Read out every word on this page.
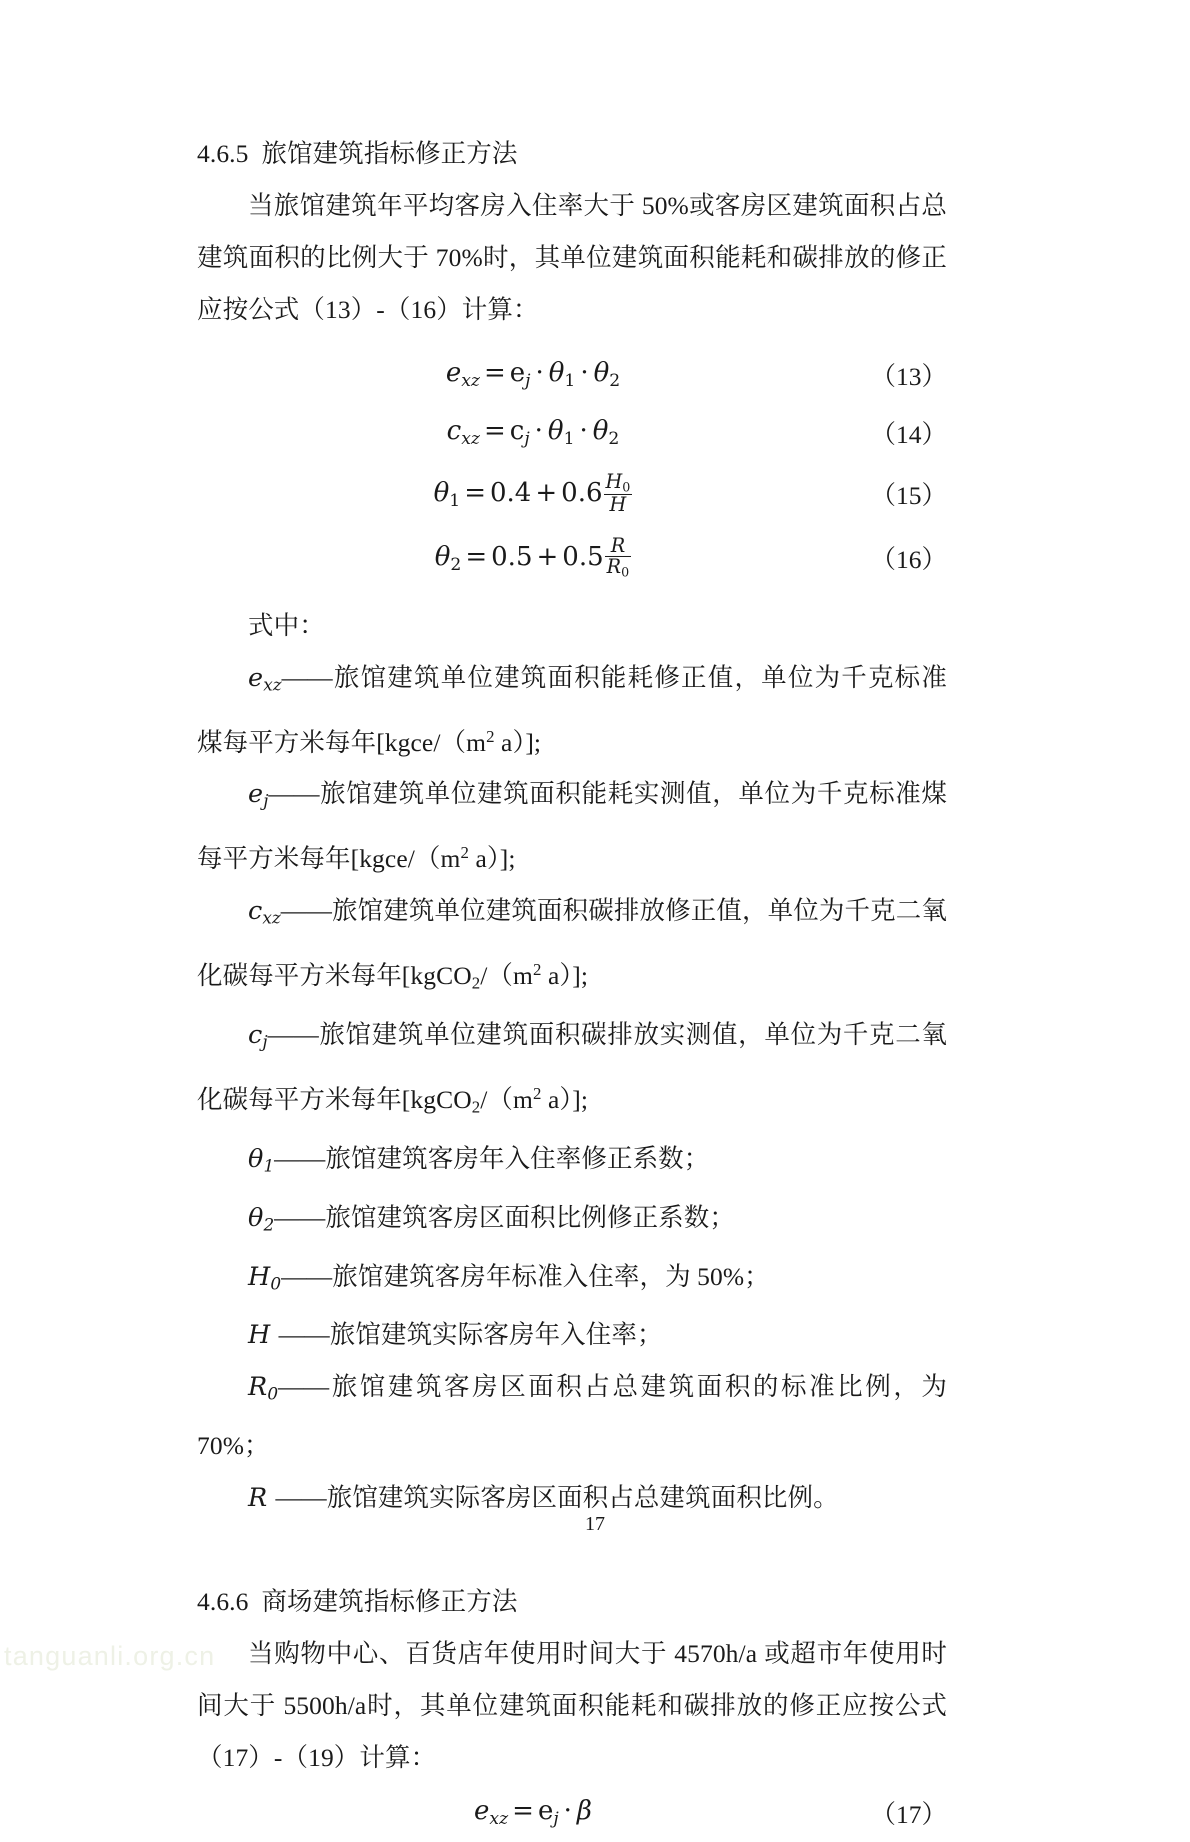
4.6.5 旅馆建筑指标修正方法

当旅馆建筑年平均客房入住率大于 50%或客房区建筑面积占总建筑面积的比例大于 70%时，其单位建筑面积能耗和碳排放的修正应按公式（13）-（16）计算：

$e_{xz} = e_j \cdot \theta_1 \cdot \theta_2$	（13）
$c_{xz} = c_j \cdot \theta_1 \cdot \theta_2$	（14）
$\theta_1 = 0.4 + 0.6 \frac{H_0}{H}$	（15）
$\theta_2 = 0.5 + 0.5 \frac{R}{R_0}$	（16）

式中：

$e_{xz}——$旅馆建筑单位建筑面积能耗修正值，单位为千克标准煤每平方米每年[$kgce/(m^2$ a）];

$e_j——$旅馆建筑单位建筑面积能耗实测值，单位为千克标准煤每平方米每年[$kgce/(m^2$ a）];

$c_{xz}——$旅馆建筑单位建筑面积碳排放修正值，单位为千克二氧化碳每平方米每年[$kgCO_2/(m^2$ a）];

$c_j——$旅馆建筑单位建筑面积碳排放实测值，单位为千克二氧化碳每平方米每年[$kgCO_2/(m^2$ a）];

$\theta_1——$旅馆建筑客房年入住率修正系数；

$\theta_2——$旅馆建筑客房区面积比例修正系数；

$H_0——$旅馆建筑客房年标准入住率，为 50%；

H ——旅馆建筑实际客房年入住率；

$R_0——$旅馆建筑客房区面积占总建筑面积的标准比例，为 70%；

R ——旅馆建筑实际客房区面积占总建筑面积比例。

4.6.6 商场建筑指标修正方法

当购物中心、百货店年使用时间大于 4570h/a 或超市年使用时间大于 5500h/a时，其单位建筑面积能耗和碳排放的修正应按公式（17）-（19）计算：

$e_{xz} = e_j \cdot \beta$	（17）
17
tanguanli.org.cn
